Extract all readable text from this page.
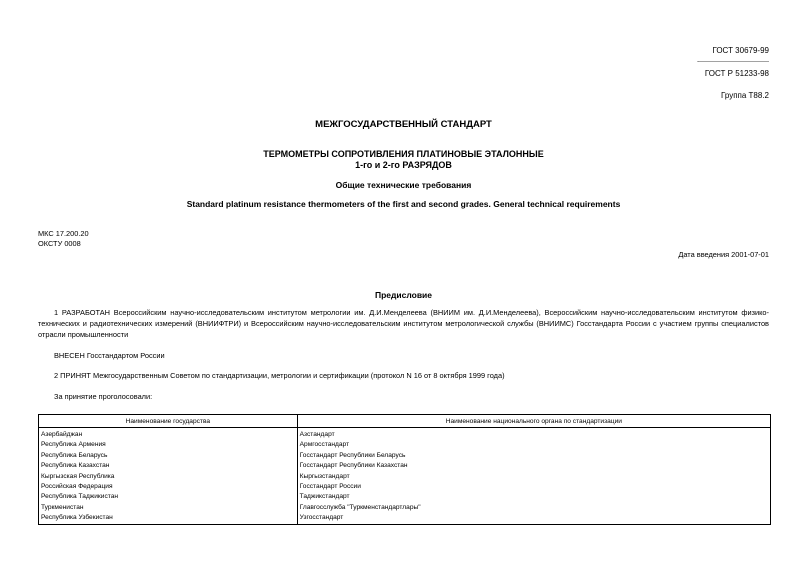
ГОСТ 30679-99
------------------------------------
ГОСТ Р 51233-98
Группа Т88.2
МЕЖГОСУДАРСТВЕННЫЙ СТАНДАРТ
ТЕРМОМЕТРЫ СОПРОТИВЛЕНИЯ ПЛАТИНОВЫЕ ЭТАЛОННЫЕ
1-го и 2-го РАЗРЯДОВ
Общие технические требования
Standard platinum resistance thermometers of the first and second grades. General technical requirements
МКС 17.200.20
ОКСТУ 0008
Дата введения 2001-07-01
Предисловие
1 РАЗРАБОТАН Всероссийским научно-исследовательским институтом метрологии им. Д.И.Менделеева (ВНИИМ им. Д.И.Менделеева), Всероссийским научно-исследовательским институтом физико-технических и радиотехнических измерений (ВНИИФТРИ) и Всероссийским научно-исследовательским институтом метрологической службы (ВНИИМС) Госстандарта России с участием группы специалистов отрасли промышленности
ВНЕСЕН Госстандартом России
2 ПРИНЯТ Межгосударственным Советом по стандартизации, метрологии и сертификации (протокол N 16 от 8 октября 1999 года)
За принятие проголосовали:
Наименование государства	Наименование национального органа по стандартизации
Азербайджан	Азстандарт
Республика Армения	Армгосстандарт
Республика Беларусь	Госстандарт Республики Беларусь
Республика Казахстан	Госстандарт Республики Казахстан
Кыргызская Республика	Кыргызстандарт
Российская Федерация	Госстандарт России
Республика Таджикистан	Таджикстандарт
Туркменистан	Главгосслужба "Туркменстандартлары"
Республика Узбекистан	Узгосстандарт
